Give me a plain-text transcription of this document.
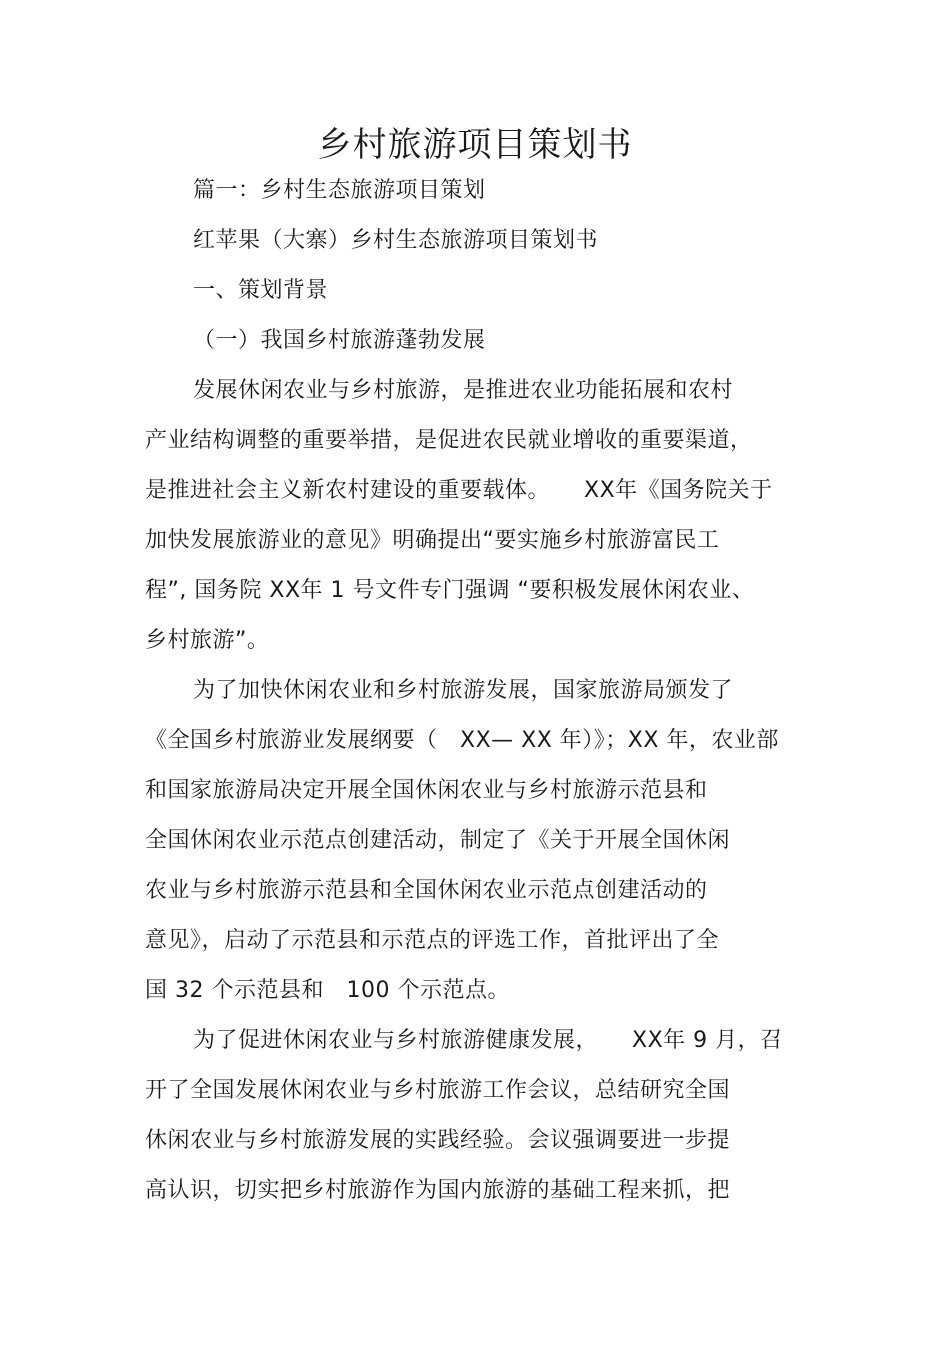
乡村旅游项目策划书
篇一：乡村生态旅游项目策划
红苹果（大寨）乡村生态旅游项目策划书
一、策划背景
（一）我国乡村旅游蓬勃发展
发展休闲农业与乡村旅游，是推进农业功能拓展和农村
产业结构调整的重要举措，是促进农民就业增收的重要渠道，
是推进社会主义新农村建设的重要载体。　　XX年《国务院关于
加快发展旅游业的意见》明确提出“要实施乡村旅游富民工
程”, 国务院 XX年 1 号文件专门强调 “要积极发展休闲农业、
乡村旅游”。
为了加快休闲农业和乡村旅游发展，国家旅游局颁发了
《全国乡村旅游业发展纲要（　XX— XX 年）》；XX 年，农业部
和国家旅游局决定开展全国休闲农业与乡村旅游示范县和
全国休闲农业示范点创建活动，制定了《关于开展全国休闲
农业与乡村旅游示范县和全国休闲农业示范点创建活动的
意见》，启动了示范县和示范点的评选工作，首批评出了全
国 32 个示范县和　100 个示范点。
为了促进休闲农业与乡村旅游健康发展，　　XX年 9 月，召
开了全国发展休闲农业与乡村旅游工作会议，总结研究全国
休闲农业与乡村旅游发展的实践经验。会议强调要进一步提
高认识，切实把乡村旅游作为国内旅游的基础工程来抓，把
